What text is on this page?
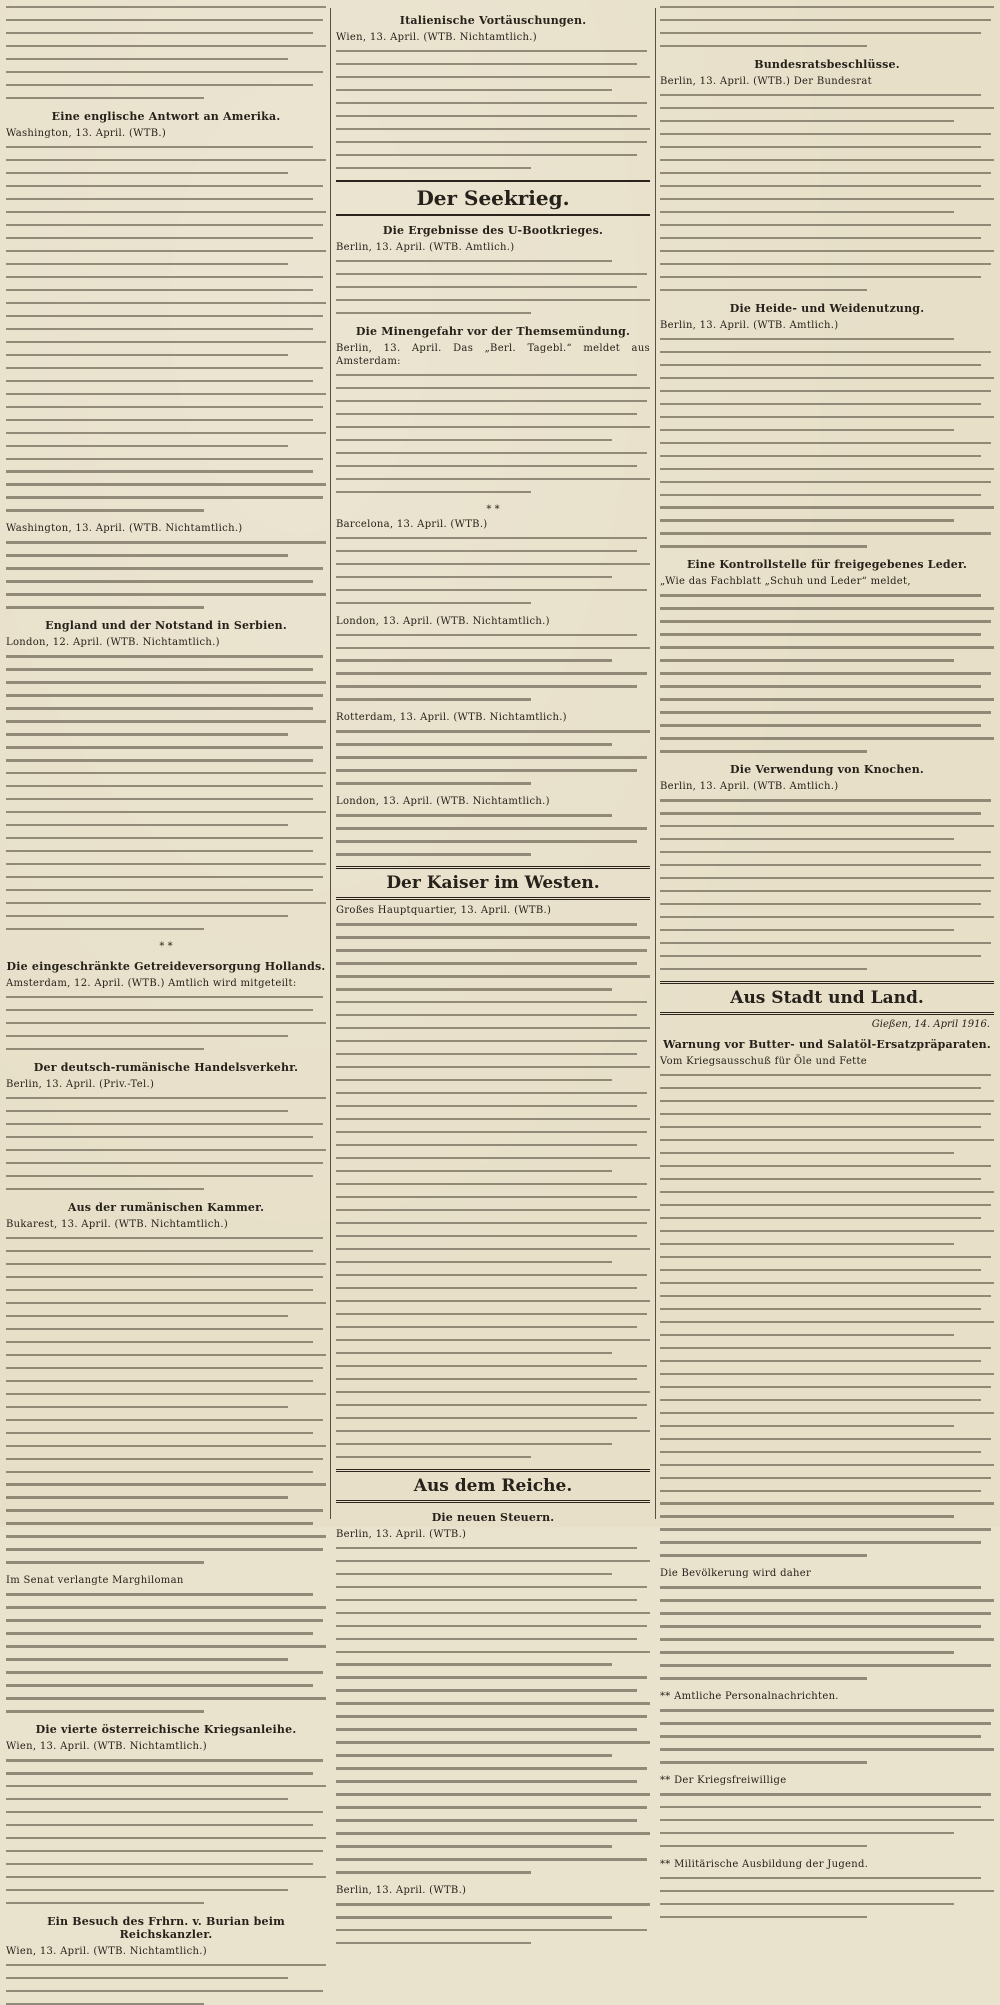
Eine englische Antwort an Amerika.
Washington, 13. April. (WTB.)
Washington, 13. April. (WTB. Nichtamtlich.)
England und der Notstand in Serbien.
London, 12. April. (WTB. Nichtamtlich.)
* *
Die eingeschränkte Getreideversorgung Hollands.
Amsterdam, 12. April. (WTB.) Amtlich wird mitgeteilt:
Der deutsch-rumänische Handelsverkehr.
Berlin, 13. April. (Priv.-Tel.)
Aus der rumänischen Kammer.
Bukarest, 13. April. (WTB. Nichtamtlich.)
Im Senat verlangte Marghiloman
Die vierte österreichische Kriegsanleihe.
Wien, 13. April. (WTB. Nichtamtlich.)
Ein Besuch des Frhrn. v. Burian beim Reichskanzler.
Wien, 13. April. (WTB. Nichtamtlich.)
Italienische Vortäuschungen.
Wien, 13. April. (WTB. Nichtamtlich.)
Der Seekrieg.
Die Ergebnisse des U-Bootkrieges.
Berlin, 13. April. (WTB. Amtlich.)
Die Minengefahr vor der Themsemündung.
Berlin, 13. April. Das „Berl. Tagebl.“ meldet aus Amsterdam:
* *
Barcelona, 13. April. (WTB.)
London, 13. April. (WTB. Nichtamtlich.)
Rotterdam, 13. April. (WTB. Nichtamtlich.)
London, 13. April. (WTB. Nichtamtlich.)
Der Kaiser im Westen.
Großes Hauptquartier, 13. April. (WTB.)
Aus dem Reiche.
Die neuen Steuern.
Berlin, 13. April. (WTB.)
Berlin, 13. April. (WTB.)
Bundesratsbeschlüsse.
Berlin, 13. April. (WTB.) Der Bundesrat
Die Heide- und Weidenutzung.
Berlin, 13. April. (WTB. Amtlich.)
Eine Kontrollstelle für freigegebenes Leder.
„Wie das Fachblatt „Schuh und Leder“ meldet,
Die Verwendung von Knochen.
Berlin, 13. April. (WTB. Amtlich.)
Aus Stadt und Land.
Gießen, 14. April 1916.
Warnung vor Butter- und Salatöl-Ersatzpräparaten.
Vom Kriegsausschuß für Öle und Fette
Die Bevölkerung wird daher
** Amtliche Personalnachrichten.
** Der Kriegsfreiwillige
** Militärische Ausbildung der Jugend.
